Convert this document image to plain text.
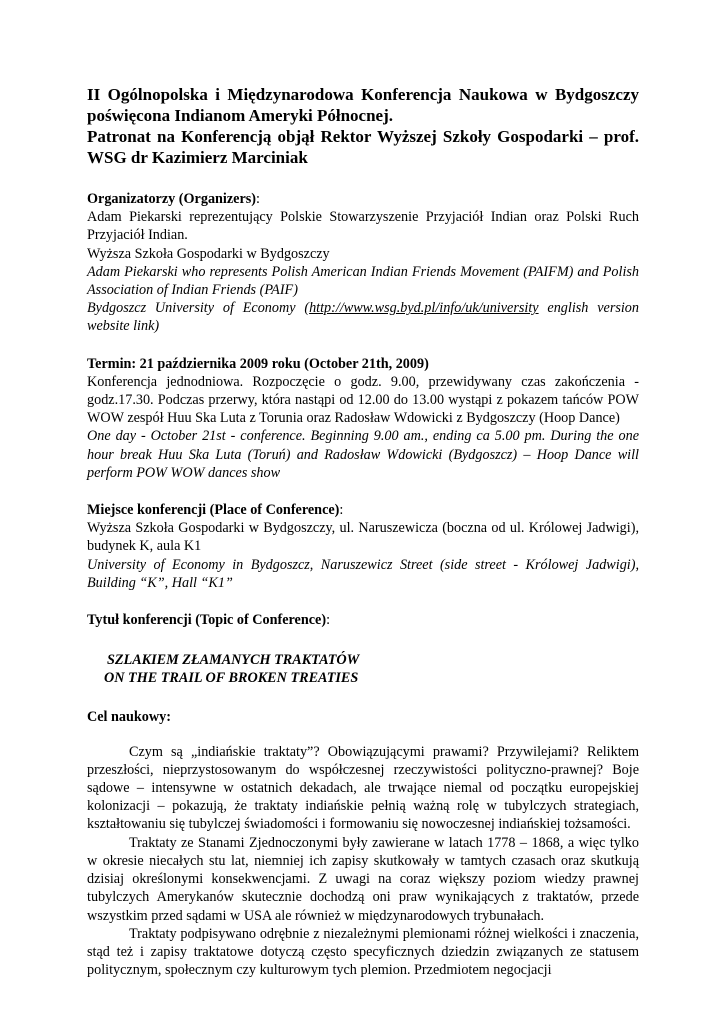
II Ogólnopolska i Międzynarodowa Konferencja Naukowa w Bydgoszczy poświęcona Indianom Ameryki Północnej.

Patronat na Konferencją objął Rektor Wyższej Szkoły Gospodarki – prof. WSG dr Kazimierz Marciniak

Organizatorzy (Organizers):

Adam Piekarski reprezentujący Polskie Stowarzyszenie Przyjaciół Indian oraz Polski Ruch Przyjaciół Indian.

Wyższa Szkoła Gospodarki w Bydgoszczy

Adam Piekarski who represents Polish American Indian Friends Movement (PAIFM) and Polish Association of Indian Friends (PAIF)

Bydgoszcz University of Economy (http://www.wsg.byd.pl/info/uk/university english version website link)

Termin: 21 października 2009 roku (October 21th, 2009)

Konferencja jednodniowa. Rozpoczęcie o godz. 9.00, przewidywany czas zakończenia - godz.17.30. Podczas przerwy, która nastąpi od 12.00 do 13.00 wystąpi z pokazem tańców POW WOW zespół Huu Ska Luta z Torunia oraz Radosław Wdowicki z Bydgoszczy (Hoop Dance)

One day - October 21st - conference. Beginning 9.00 am., ending ca 5.00 pm. During the one hour break Huu Ska Luta (Toruń) and Radosław Wdowicki (Bydgoszcz) – Hoop Dance will perform POW WOW dances show

Miejsce konferencji (Place of Conference):

Wyższa Szkoła Gospodarki w Bydgoszczy, ul. Naruszewicza (boczna od ul. Królowej Jadwigi), budynek K, aula K1

University of Economy in Bydgoszcz, Naruszewicz Street (side street - Królowej Jadwigi), Building “K”, Hall “K1”

Tytuł konferencji (Topic of Conference):

SZLAKIEM ZŁAMANYCH TRAKTATÓW

ON THE TRAIL OF BROKEN TREATIES

Cel naukowy:

Czym są „indiańskie traktaty”? Obowiązującymi prawami? Przywilejami? Reliktem przeszłości, nieprzystosowanym do współczesnej rzeczywistości polityczno-prawnej? Boje sądowe – intensywne w ostatnich dekadach, ale trwające niemal od początku europejskiej kolonizacji – pokazują, że traktaty indiańskie pełnią ważną rolę w tubylczych strategiach, kształtowaniu się tubylczej świadomości i formowaniu się nowoczesnej indiańskiej tożsamości.

Traktaty ze Stanami Zjednoczonymi były zawierane w latach 1778 – 1868, a więc tylko w okresie niecałych stu lat, niemniej ich zapisy skutkowały w tamtych czasach oraz skutkują dzisiaj określonymi konsekwencjami. Z uwagi na coraz większy poziom wiedzy prawnej tubylczych Amerykanów skutecznie dochodzą oni praw wynikających z traktatów, przede wszystkim przed sądami w USA ale również w międzynarodowych trybunałach.

Traktaty podpisywano odrębnie z niezależnymi plemionami różnej wielkości i znaczenia, stąd też i zapisy traktatowe dotyczą często specyficznych dziedzin związanych ze statusem politycznym, społecznym czy kulturowym tych plemion. Przedmiotem negocjacji
